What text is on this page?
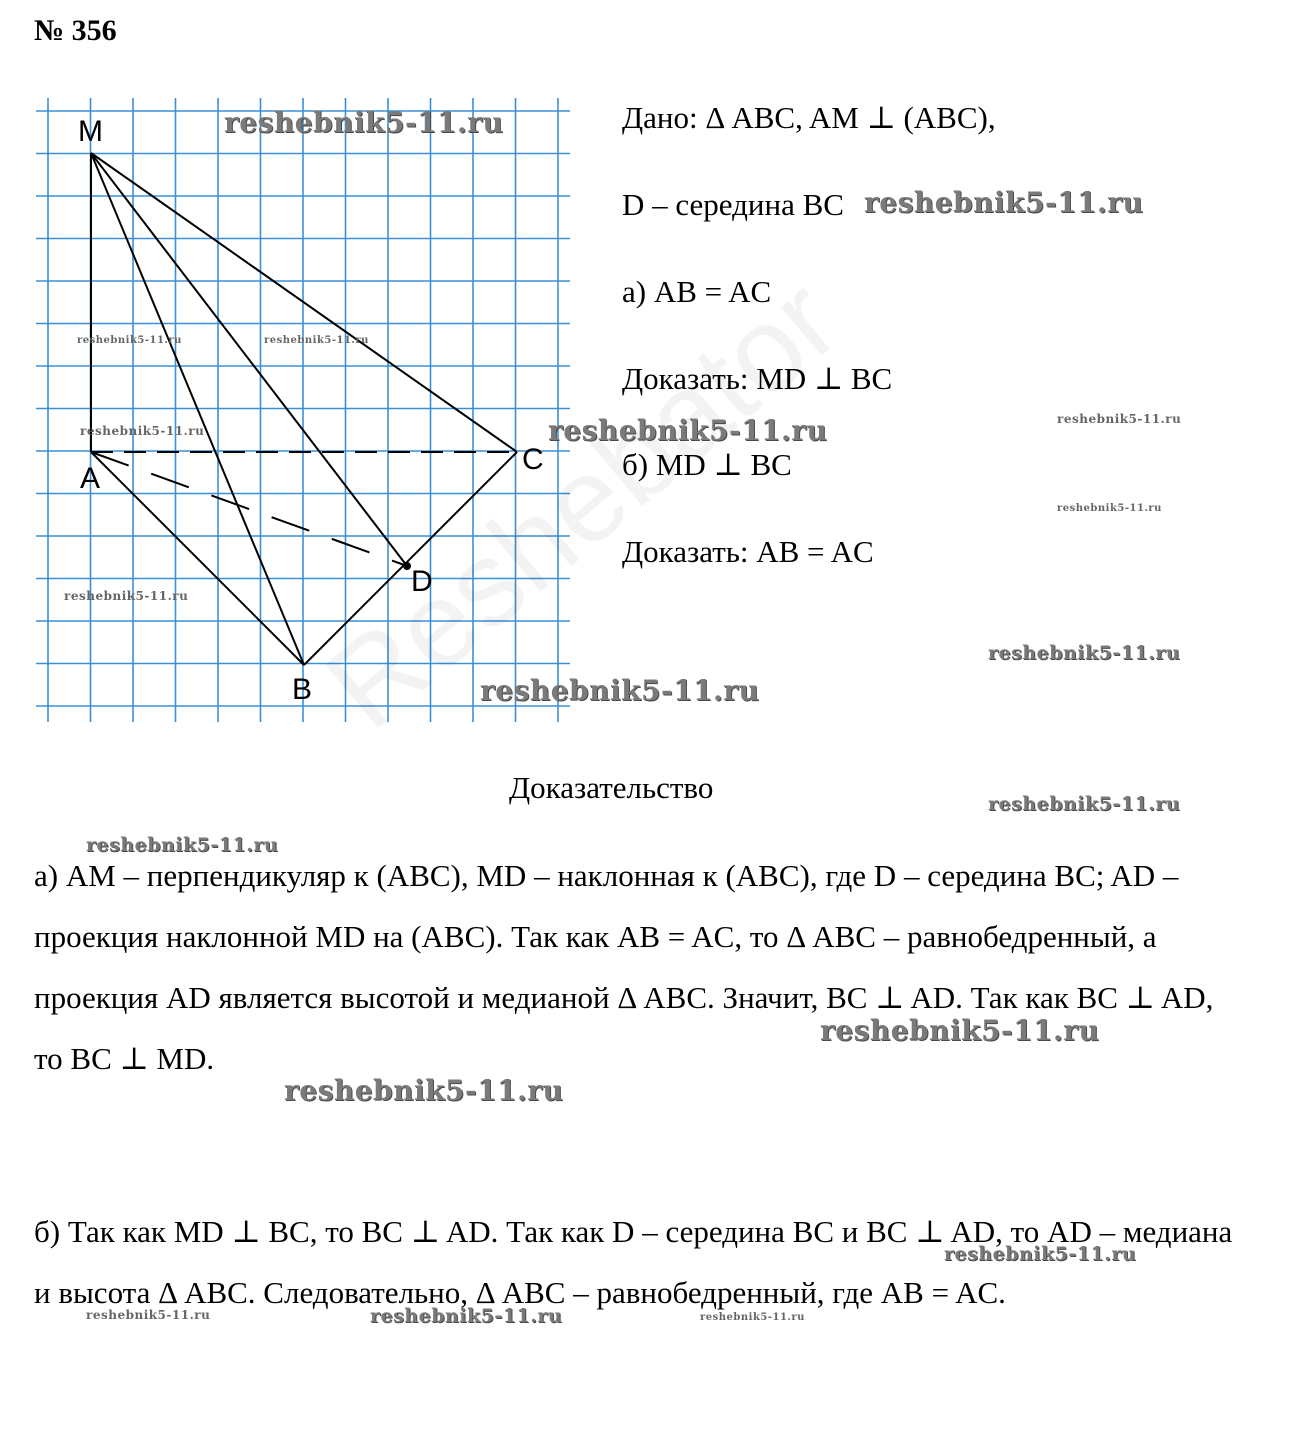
№ 356
M
A
B
C
D
Дано: Δ ABC, AM ⊥ (ABC),
D – середина BC
а) AB = AC
Доказать: MD ⊥ BC
б) MD ⊥ BC
Доказать: AB = AC
Доказательство
а) AM – перпендикуляр к (ABC), MD – наклонная к (ABC), где D – середина BC; AD – проекция наклонной MD на (ABC). Так как AB = AC, то Δ ABC – равнобедренный, а проекция AD является высотой и медианой Δ ABC. Значит, BC ⊥ AD. Так как BC ⊥ AD, то BC ⊥ MD.
б) Так как MD ⊥ BC, то BC ⊥ AD. Так как D – середина BC и BC ⊥ AD, то AD – медиана и высота Δ ABC. Следовательно, Δ ABC – равнобедренный, где AB = AC.
reshebnik5-11.ru
reshebnik5-11.ru
reshebnik5-11.ru	reshebnik5-11.ru
reshebnik5-11.ru	reshebnik5-11.ru	reshebnik5-11.ru
reshebnik5-11.ru
reshebnik5-11.ru
reshebnik5-11.ru
reshebnik5-11.ru
reshebnik5-11.ru
reshebnik5-11.ru
reshebnik5-11.ru
reshebnik5-11.ru
reshebnik5-11.ru
reshebnik5-11.ru	reshebnik5-11.ru	reshebnik5-11.ru
